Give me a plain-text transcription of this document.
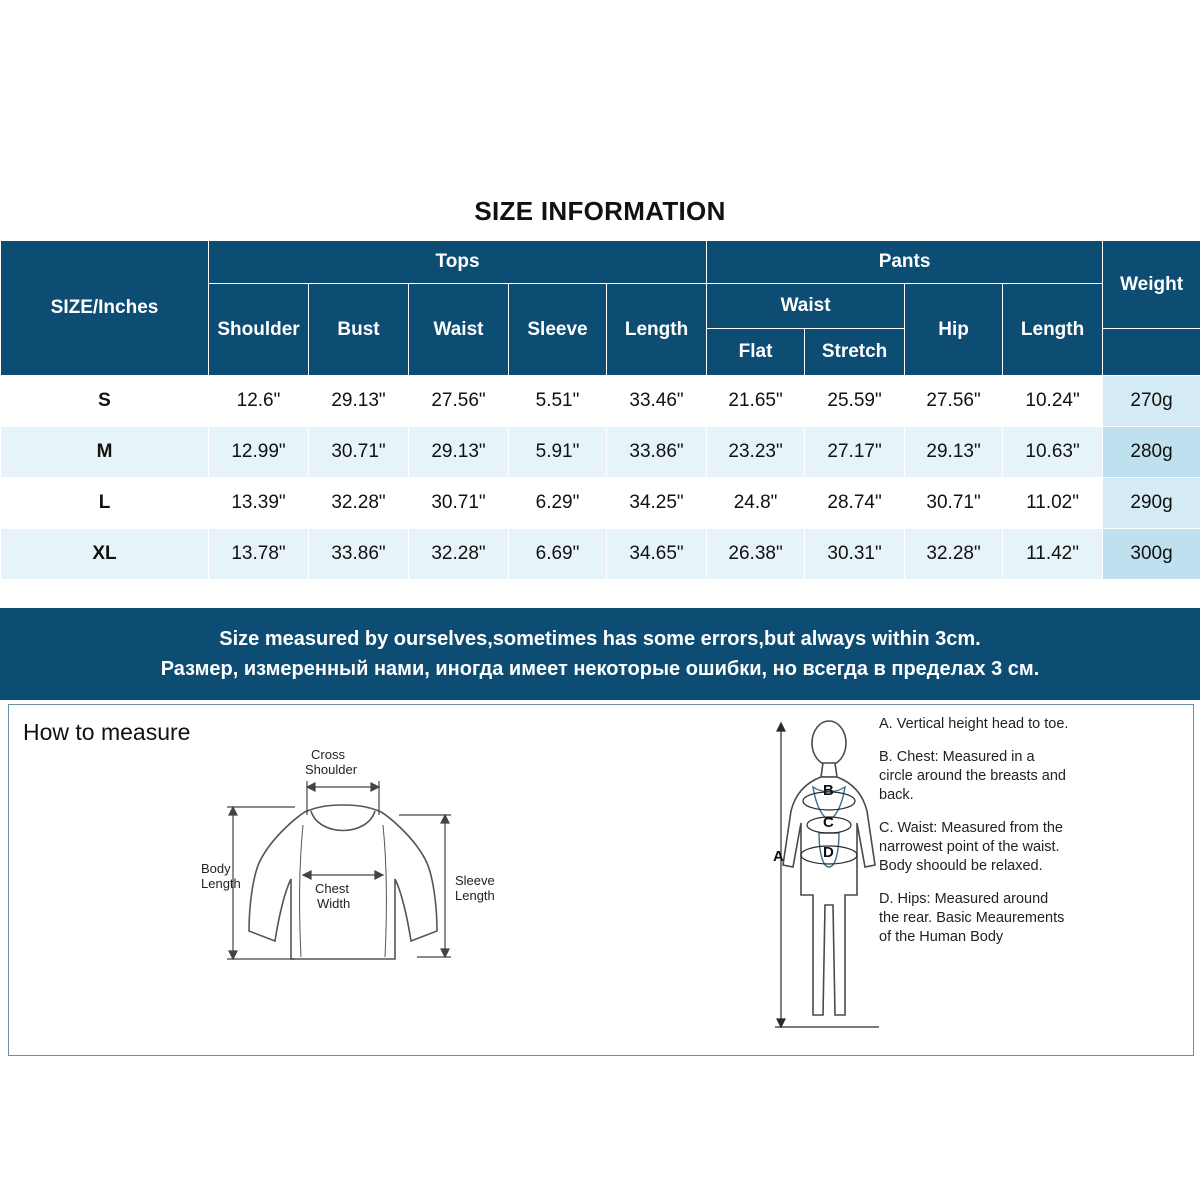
SIZE INFORMATION
SIZE/Inches	Tops					Pants				Weight
	Shoulder	Bust	Waist	Sleeve	Length	Waist		Hip	Length	
						Flat	Stretch			
S	12.6"	29.13"	27.56"	5.51"	33.46"	21.65"	25.59"	27.56"	10.24"	270g
M	12.99"	30.71"	29.13"	5.91"	33.86"	23.23"	27.17"	29.13"	10.63"	280g
L	13.39"	32.28"	30.71"	6.29"	34.25"	24.8"	28.74"	30.71"	11.02"	290g
XL	13.78"	33.86"	32.28"	6.69"	34.65"	26.38"	30.31"	32.28"	11.42"	300g
Size measured by ourselves,sometimes has some errors,but always within 3cm.
Размер, измеренный нами, иногда имеет некоторые ошибки, но всегда в пределах 3 см.
How to measure
Cross
Shoulder
Body
Length	Chest
Width
Sleeve
Length
A
B
C
D

A. Vertical height head to toe.

B. Chest: Measured in a circle around the breasts and back.

C. Waist: Measured from the narrowest point of the waist. Body shoould be relaxed.

D. Hips: Measured around the rear. Basic Meaurements of the Human Body
